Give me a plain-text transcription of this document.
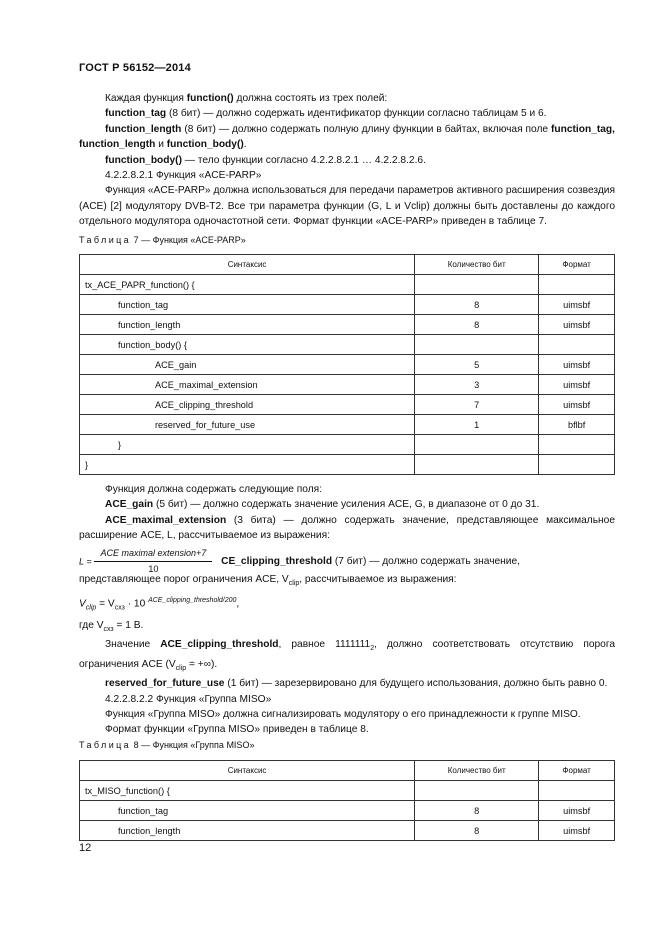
ГОСТ Р 56152—2014

Каждая функция function() должна состоять из трех полей:

function_tag (8 бит) — должно содержать идентификатор функции согласно таблицам 5 и 6.

function_length (8 бит) — должно содержать полную длину функции в байтах, включая поле function_tag, function_length и function_body().

function_body() — тело функции согласно 4.2.2.8.2.1 … 4.2.2.8.2.6.

4.2.2.8.2.1 Функция «ACE-PARP»

Функция «ACE-PARP» должна использоваться для передачи параметров активного расширения созвездия (ACE) [2] модулятору DVB-T2. Все три параметра функции (G, L и Vclip) должны быть доставлены до каждого отдельного модулятора одночастотной сети. Формат функции «ACE-PARP» приведен в таблице 7.

Таблица 7 — Функция «ACE-PARP»
Синтаксис	Количество бит	Формат
tx_ACE_PAPR_function() {		
function_tag	8	uimsbf
function_length	8	uimsbf
function_body() {		
ACE_gain	5	uimsbf
ACE_maximal_extension	3	uimsbf
ACE_clipping_threshold	7	uimsbf
reserved_for_future_use	1	bflbf
}		
}		

Функция должна содержать следующие поля:

ACE_gain (5 бит) — должно содержать значение усиления ACE, G, в диапазоне от 0 до 31.

ACE_maximal_extension (3 бита) — должно содержать значение, представляющее максимальное расширение ACE, L, рассчитываемое из выражения:

$L = \frac{\text{ACE maximal extension+7}}{10}$ CE_clipping_threshold (7 бит) — должно содержать значение,

представляющее порог ограничения ACE, $V_{clip}$, рассчитываемое из выражения:

$V_{clip} = V_{схз} \cdot 10$ $^{ACE\_clipping\_threshold/200}$,

где $V_{схз} = 1$ В.

Значение ACE_clipping_threshold, равное $1111111_2$, должно соответствовать отсутствию порога ограничения ACE ($V_{clip}$ = +∞).

reserved_for_future_use (1 бит) — зарезервировано для будущего использования, должно быть равно 0.

4.2.2.8.2.2 Функция «Группа MISO»

Функция «Группа MISO» должна сигнализировать модулятору о его принадлежности к группе MISO.

Формат функции «Группа MISO» приведен в таблице 8.

Таблица 8 — Функция «Группа MISO»
Синтаксис	Количество бит	Формат
tx_MISO_function() {		
function_tag	8	uimsbf
function_length	8	uimsbf
12
